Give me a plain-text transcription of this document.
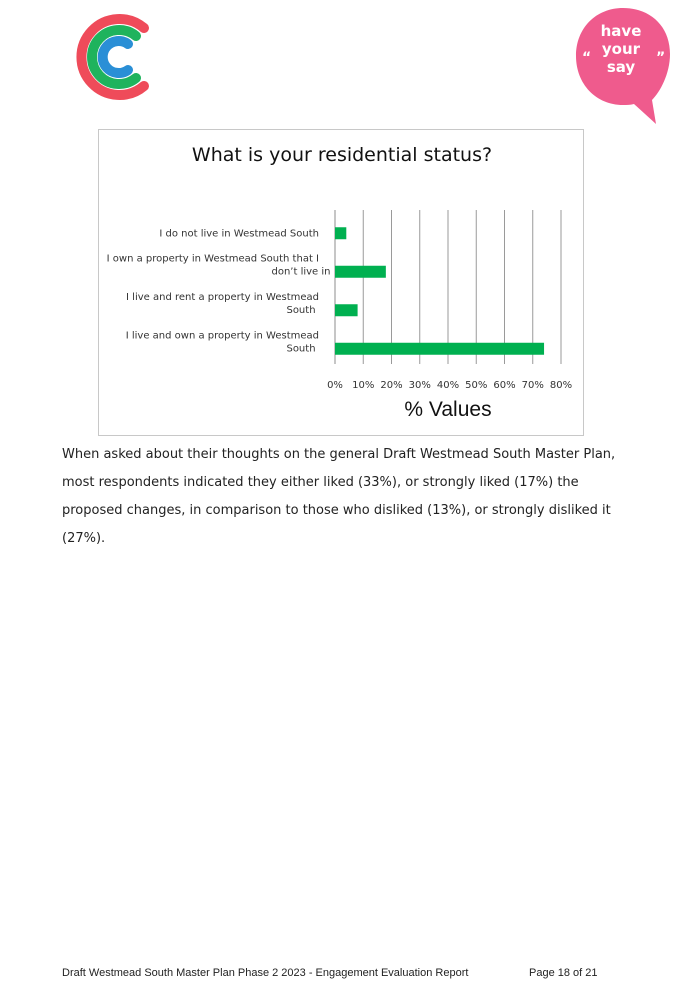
“	”
have
your
say
What is your residential status?
I do not live in Westmead South
I own a property in Westmead South that I don’t live in
I live and rent a property in Westmead South
I live and own a property in Westmead South
0% 10% 20% 30% 40% 50% 60% 70% 80%
% Values
When asked about their thoughts on the general Draft Westmead South Master Plan, most respondents indicated they either liked (33%), or strongly liked (17%) the proposed changes, in comparison to those who disliked (13%), or strongly disliked it (27%).
Draft Westmead South Master Plan Phase 2 2023 - Engagement Evaluation Report	Page 18 of 21
